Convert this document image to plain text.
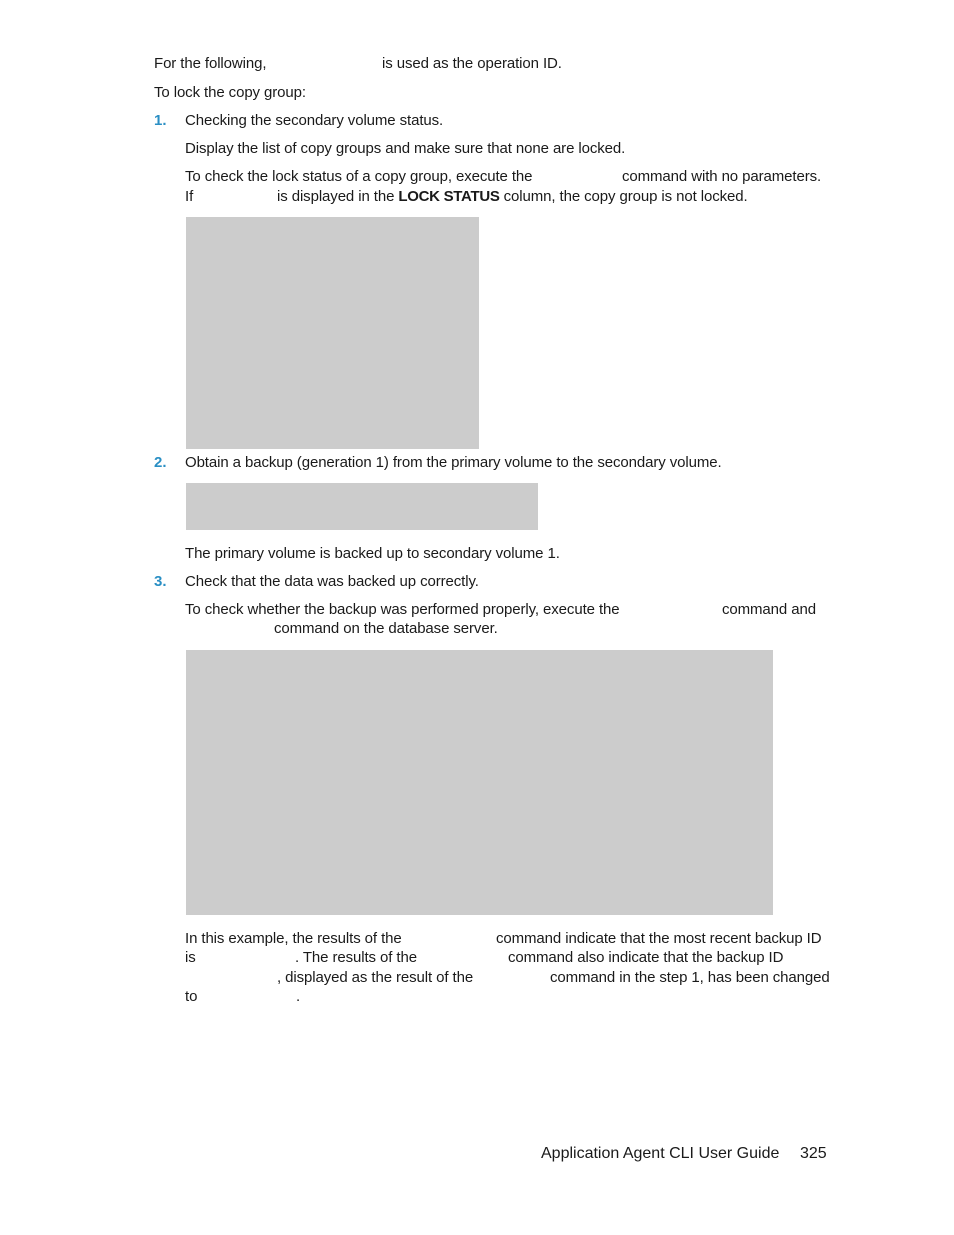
For the following,	is used as the operation ID.
To lock the copy group:
1. Checking the secondary volume status.
Display the list of copy groups and make sure that none are locked.
To check the lock status of a copy group, execute the	command with no parameters.
If	is displayed in the LOCK STATUS column, the copy group is not locked.
2. Obtain a backup (generation 1) from the primary volume to the secondary volume.
The primary volume is backed up to secondary volume 1.
3. Check that the data was backed up correctly.
To check whether the backup was performed properly, execute the	command and
command on the database server.
In this example, the results of the	command indicate that the most recent backup ID
is	. The results of the	command also indicate that the backup ID
, displayed as the result of the	command in the step 1, has been changed
to	.
Application Agent CLI User Guide 325
